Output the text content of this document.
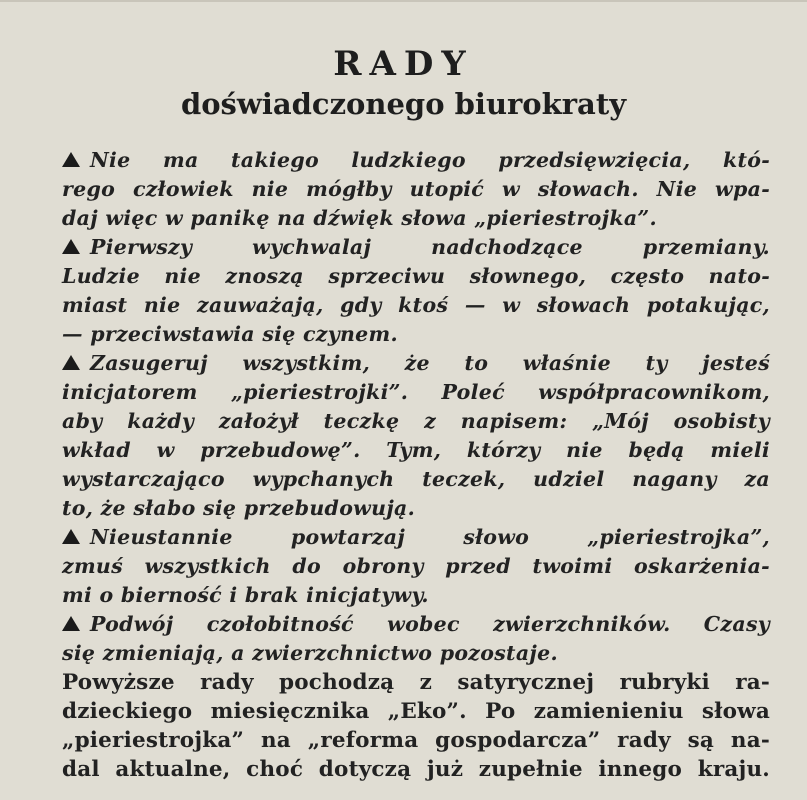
RADY
doświadczonego biurokraty
Nie ma takiego ludzkiego przedsięwzięcia, któ-
rego człowiek nie mógłby utopić w słowach. Nie wpa-
daj więc w panikę na dźwięk słowa „pieriestrojka”.
Pierwszy wychwalaj nadchodzące przemiany.
Ludzie nie znoszą sprzeciwu słownego, często nato-
miast nie zauważają, gdy ktoś — w słowach potakując,
— przeciwstawia się czynem.
Zasugeruj wszystkim, że to właśnie ty jesteś
inicjatorem „pieriestrojki”. Poleć współpracownikom,
aby każdy założył teczkę z napisem: „Mój osobisty
wkład w przebudowę”. Tym, którzy nie będą mieli
wystarczająco wypchanych teczek, udziel nagany za
to, że słabo się przebudowują.
Nieustannie powtarzaj słowo „pieriestrojka”,
zmuś wszystkich do obrony przed twoimi oskarżenia-
mi o bierność i brak inicjatywy.
Podwój czołobitność wobec zwierzchników. Czasy
się zmieniają, a zwierzchnictwo pozostaje.
Powyższe rady pochodzą z satyrycznej rubryki ra-
dzieckiego miesięcznika „Eko”. Po zamienieniu słowa
„pieriestrojka” na „reforma gospodarcza” rady są na-
dal aktualne, choć dotyczą już zupełnie innego kraju.
